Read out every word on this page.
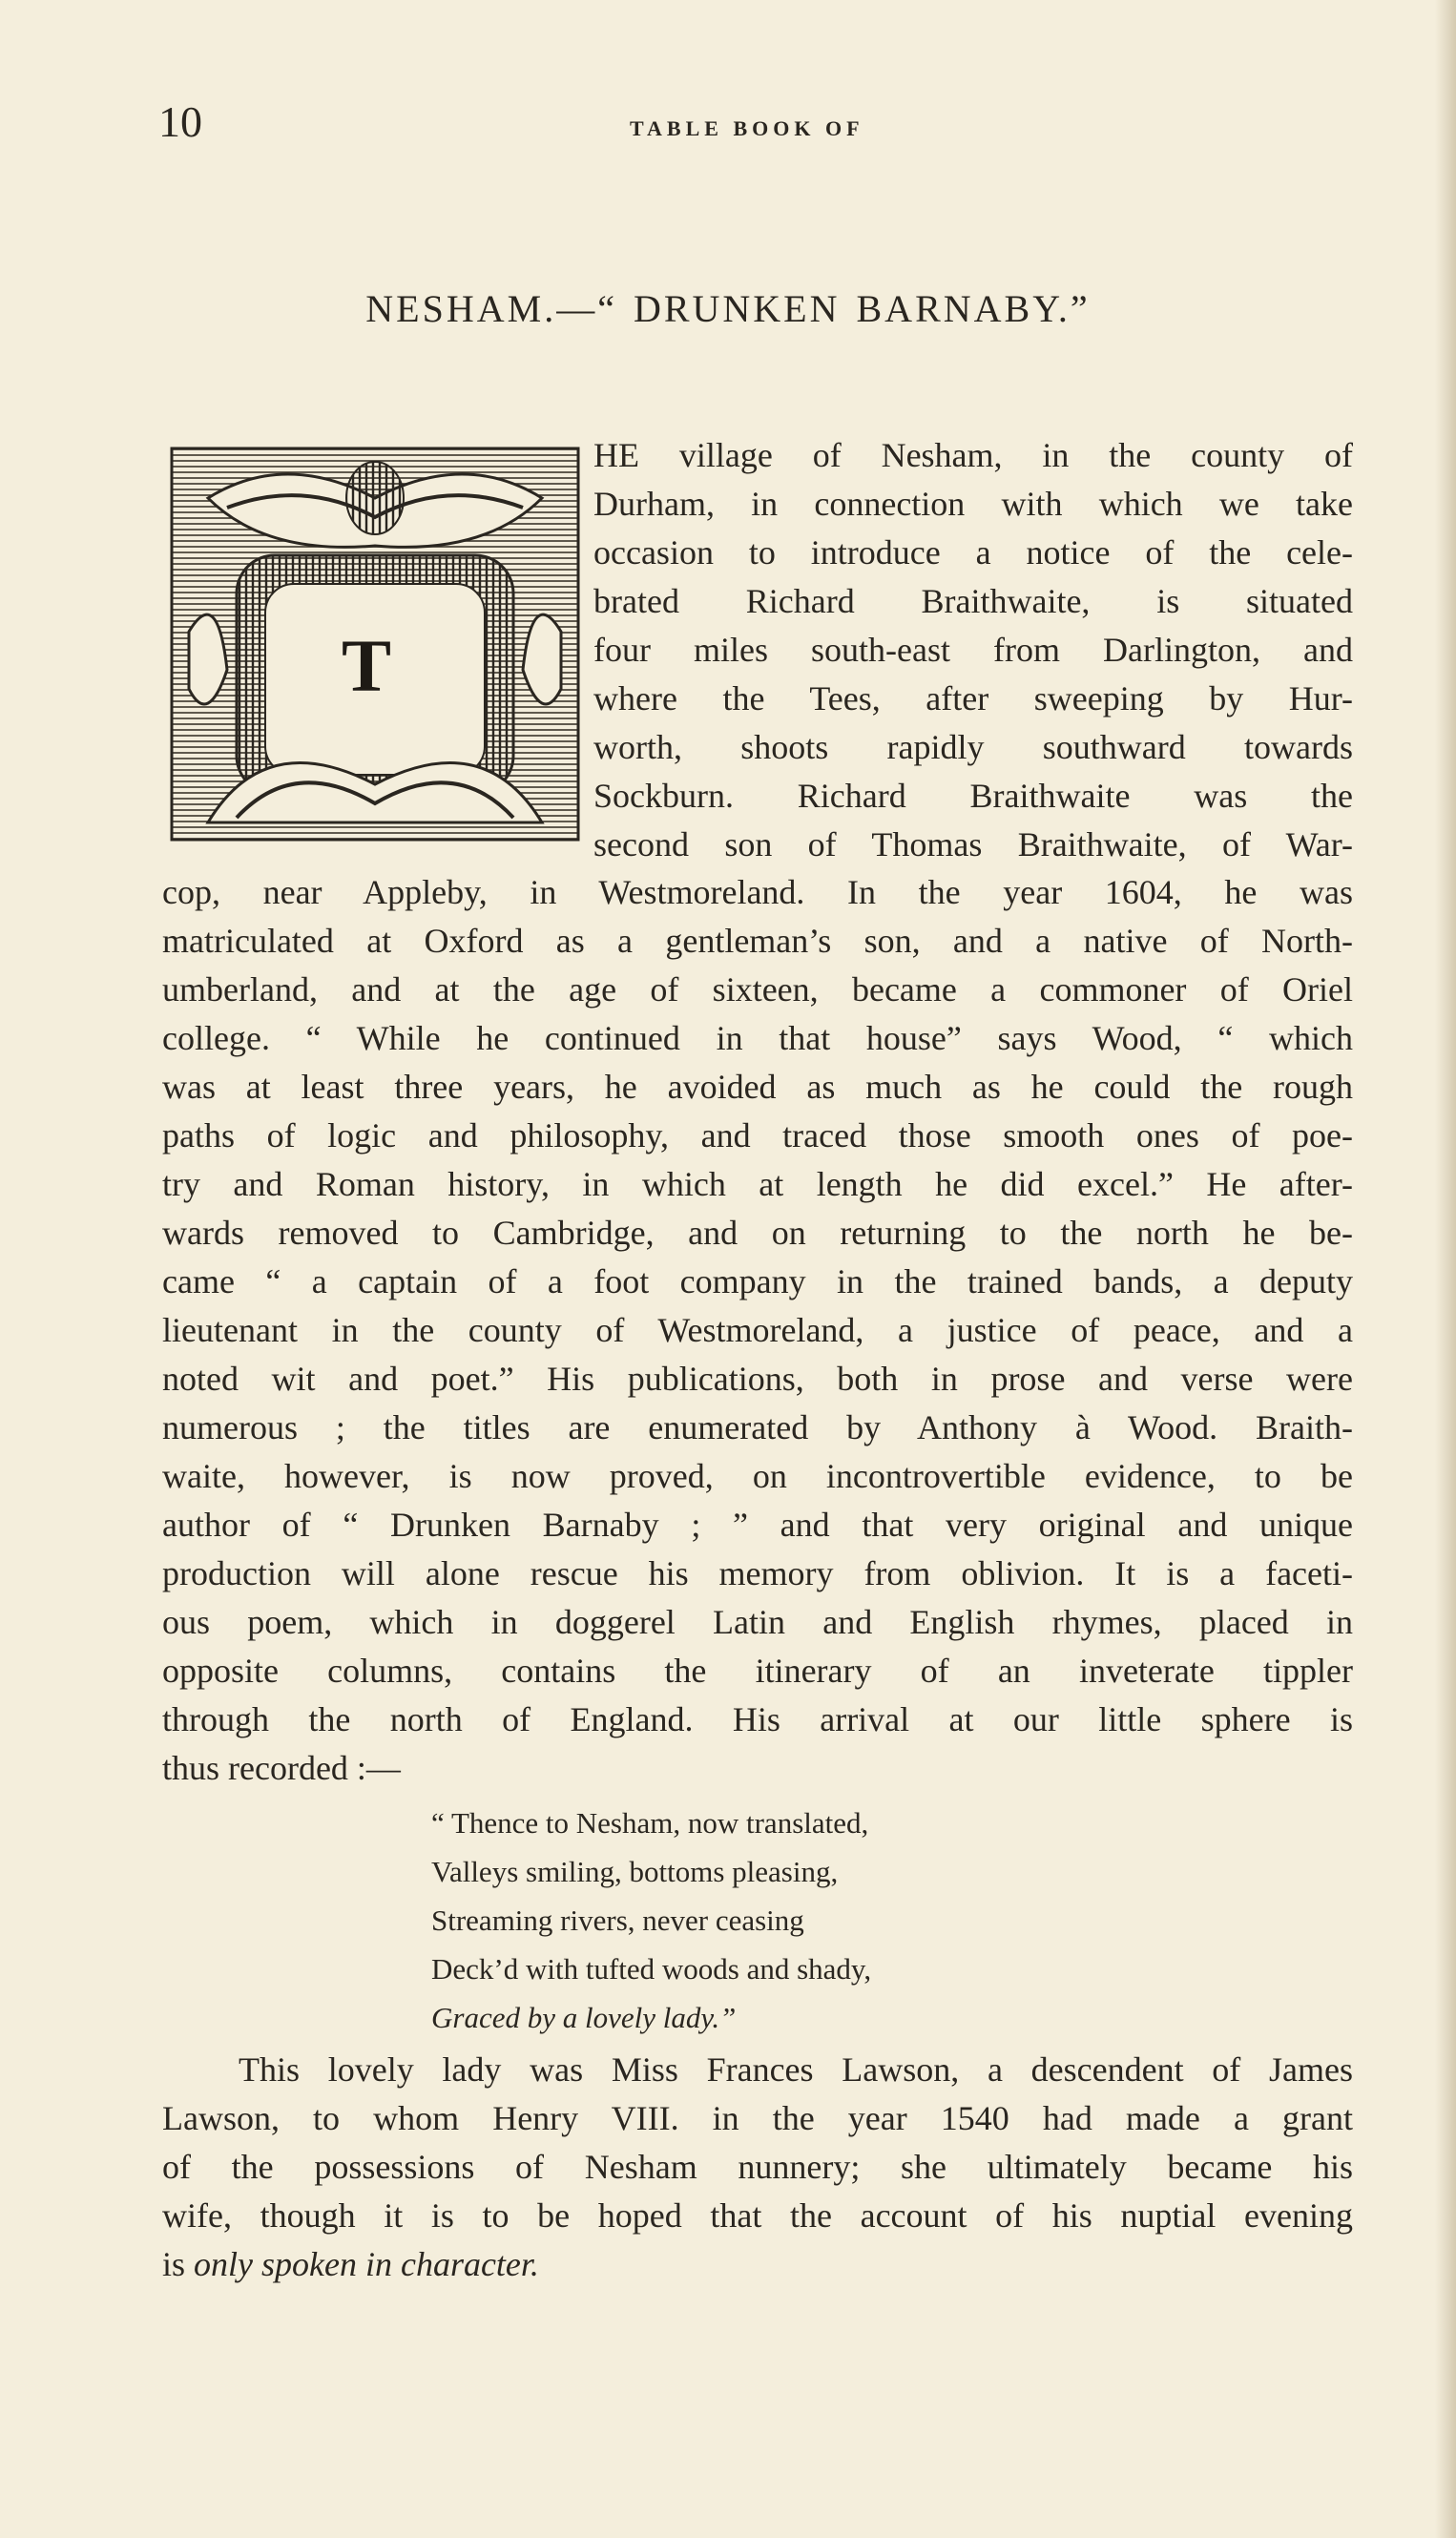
10	TABLE BOOK OF
NESHAM.—“ DRUNKEN BARNABY.”
T
HE village of Nesham, in the county of
Durham, in connection with which we take
occasion to introduce a notice of the cele-
brated Richard Braithwaite, is situated
four miles south-east from Darlington, and
where the Tees, after sweeping by Hur-
worth, shoots rapidly southward towards
Sockburn. Richard Braithwaite was the
second son of Thomas Braithwaite, of War-
cop, near Appleby, in Westmoreland. In the year 1604, he was
matriculated at Oxford as a gentleman’s son, and a native of North-
umberland, and at the age of sixteen, became a commoner of Oriel
college. “ While he continued in that house” says Wood, “ which
was at least three years, he avoided as much as he could the rough
paths of logic and philosophy, and traced those smooth ones of poe-
try and Roman history, in which at length he did excel.” He after-
wards removed to Cambridge, and on returning to the north he be-
came “ a captain of a foot company in the trained bands, a deputy
lieutenant in the county of Westmoreland, a justice of peace, and a
noted wit and poet.” His publications, both in prose and verse were
numerous ; the titles are enumerated by Anthony à Wood. Braith-
waite, however, is now proved, on incontrovertible evidence, to be
author of “ Drunken Barnaby ; ” and that very original and unique
production will alone rescue his memory from oblivion. It is a faceti-
ous poem, which in doggerel Latin and English rhymes, placed in
opposite columns, contains the itinerary of an inveterate tippler
through the north of England. His arrival at our little sphere is
thus recorded :—
“ Thence to Nesham, now translated,
Valleys smiling, bottoms pleasing,
Streaming rivers, never ceasing
Deck’d with tufted woods and shady,
Graced by a lovely lady.”
This lovely lady was Miss Frances Lawson, a descendent of James
Lawson, to whom Henry VIII. in the year 1540 had made a grant
of the possessions of Nesham nunnery; she ultimately became his
wife, though it is to be hoped that the account of his nuptial evening
is only spoken in character.
